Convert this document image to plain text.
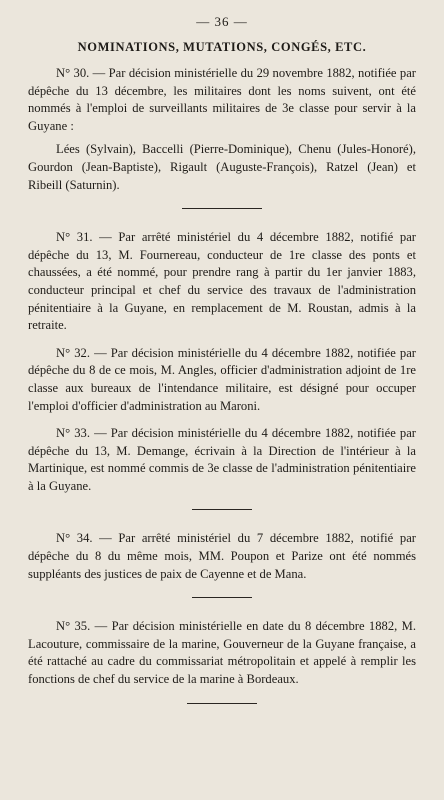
— 36 —
NOMINATIONS, MUTATIONS, CONGÉS, ETC.

N° 30. — Par décision ministérielle du 29 novembre 1882, notifiée par dépêche du 13 décembre, les militaires dont les noms suivent, ont été nommés à l'emploi de surveillants militaires de 3e classe pour servir à la Guyane :

Lées (Sylvain), Baccelli (Pierre-Dominique), Chenu (Jules-Honoré), Gourdon (Jean-Baptiste), Rigault (Auguste-François), Ratzel (Jean) et Ribeill (Saturnin).

N° 31. — Par arrêté ministériel du 4 décembre 1882, notifié par dépêche du 13, M. Fournereau, conducteur de 1re classe des ponts et chaussées, a été nommé, pour prendre rang à partir du 1er janvier 1883, conducteur principal et chef du service des travaux de l'administration pénitentiaire à la Guyane, en remplacement de M. Roustan, admis à la retraite.

N° 32. — Par décision ministérielle du 4 décembre 1882, notifiée par dépêche du 8 de ce mois, M. Angles, officier d'administration adjoint de 1re classe aux bureaux de l'intendance militaire, est désigné pour occuper l'emploi d'officier d'administration au Maroni.

N° 33. — Par décision ministérielle du 4 décembre 1882, notifiée par dépêche du 13, M. Demange, écrivain à la Direction de l'intérieur à la Martinique, est nommé commis de 3e classe de l'administration pénitentiaire à la Guyane.

N° 34. — Par arrêté ministériel du 7 décembre 1882, notifié par dépêche du 8 du même mois, MM. Poupon et Parize ont été nommés suppléants des justices de paix de Cayenne et de Mana.

N° 35. — Par décision ministérielle en date du 8 décembre 1882, M. Lacouture, commissaire de la marine, Gouverneur de la Guyane française, a été rattaché au cadre du commissariat métropolitain et appelé à remplir les fonctions de chef du service de la marine à Bordeaux.
